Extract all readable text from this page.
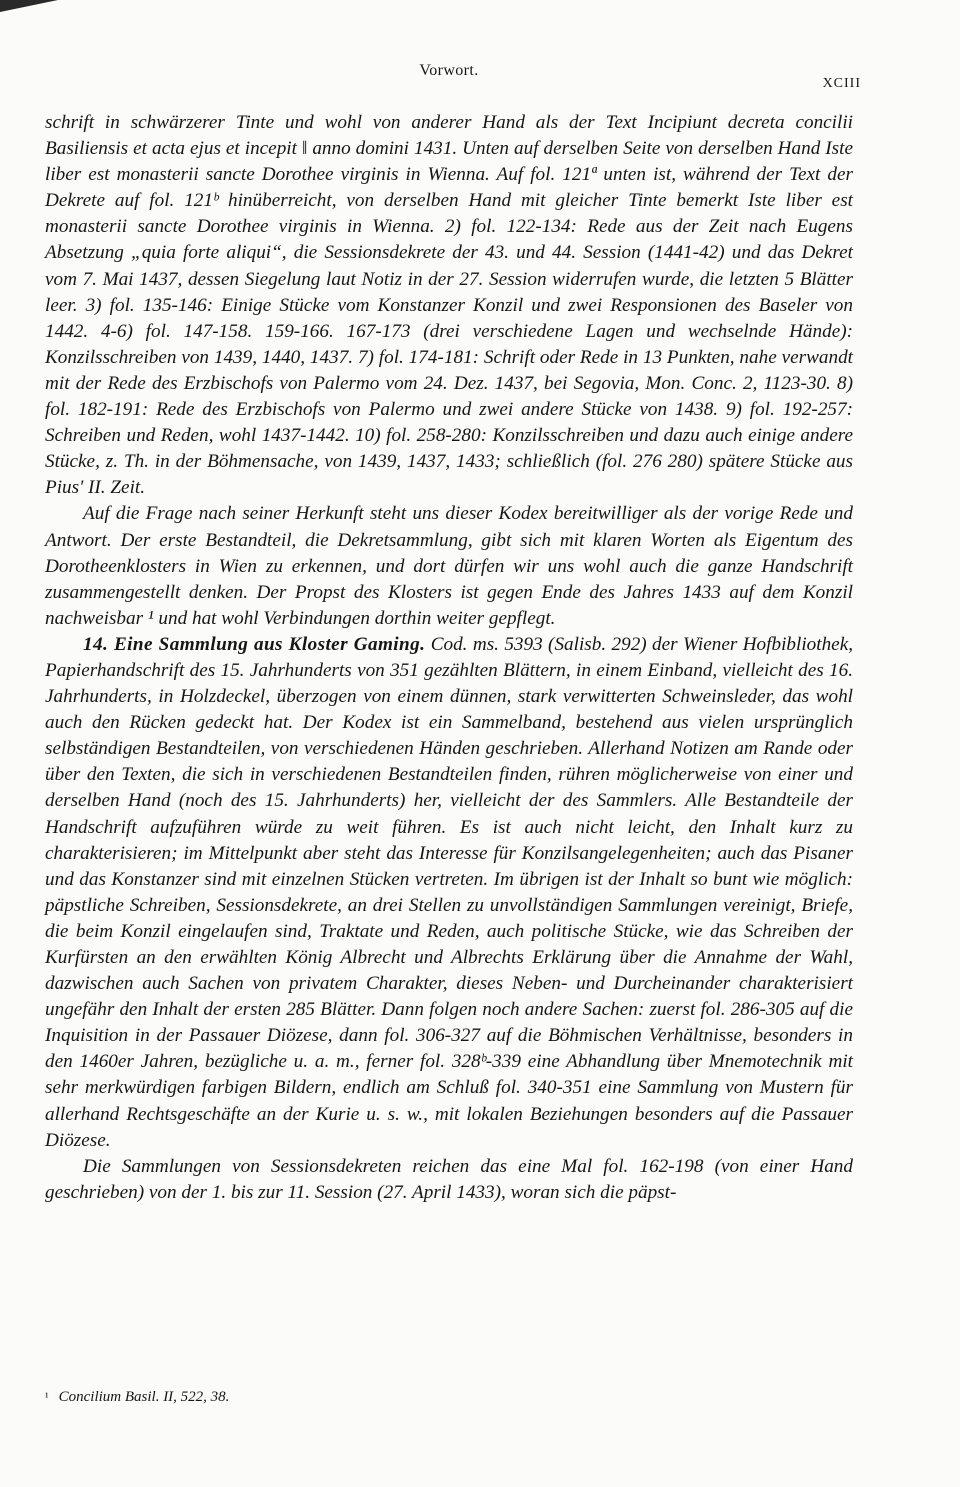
Vorwort.
XCIII

schrift in schwärzerer Tinte und wohl von anderer Hand als der Text Incipiunt decreta concilii Basiliensis et acta ejus et incepit ‖ anno domini 1431. Unten auf derselben Seite von derselben Hand Iste liber est monasterii sancte Dorothee virginis in Wienna. Auf fol. 121ª unten ist, während der Text der Dekrete auf fol. 121ᵇ hinüberreicht, von derselben Hand mit gleicher Tinte bemerkt Iste liber est monasterii sancte Dorothee virginis in Wienna. 2) fol. 122-134: Rede aus der Zeit nach Eugens Absetzung „quia forte aliqui“, die Sessionsdekrete der 43. und 44. Session (1441-42) und das Dekret vom 7. Mai 1437, dessen Siegelung laut Notiz in der 27. Session widerrufen wurde, die letzten 5 Blätter leer. 3) fol. 135-146: Einige Stücke vom Konstanzer Konzil und zwei Responsionen des Baseler von 1442. 4-6) fol. 147-158. 159-166. 167-173 (drei verschiedene Lagen und wechselnde Hände): Konzilsschreiben von 1439, 1440, 1437. 7) fol. 174-181: Schrift oder Rede in 13 Punkten, nahe verwandt mit der Rede des Erzbischofs von Palermo vom 24. Dez. 1437, bei Segovia, Mon. Conc. 2, 1123-30. 8) fol. 182-191: Rede des Erzbischofs von Palermo und zwei andere Stücke von 1438. 9) fol. 192-257: Schreiben und Reden, wohl 1437-1442. 10) fol. 258-280: Konzilsschreiben und dazu auch einige andere Stücke, z. Th. in der Böhmensache, von 1439, 1437, 1433; schließlich (fol. 276 280) spätere Stücke aus Pius' II. Zeit.

Auf die Frage nach seiner Herkunft steht uns dieser Kodex bereitwilliger als der vorige Rede und Antwort. Der erste Bestandteil, die Dekretsammlung, gibt sich mit klaren Worten als Eigentum des Dorotheenklosters in Wien zu erkennen, und dort dürfen wir uns wohl auch die ganze Handschrift zusammengestellt denken. Der Propst des Klosters ist gegen Ende des Jahres 1433 auf dem Konzil nachweisbar ¹ und hat wohl Verbindungen dorthin weiter gepflegt.

14. Eine Sammlung aus Kloster Gaming. Cod. ms. 5393 (Salisb. 292) der Wiener Hofbibliothek, Papierhandschrift des 15. Jahrhunderts von 351 gezählten Blättern, in einem Einband, vielleicht des 16. Jahrhunderts, in Holzdeckel, überzogen von einem dünnen, stark verwitterten Schweinsleder, das wohl auch den Rücken gedeckt hat. Der Kodex ist ein Sammelband, bestehend aus vielen ursprünglich selbständigen Bestandteilen, von verschiedenen Händen geschrieben. Allerhand Notizen am Rande oder über den Texten, die sich in verschiedenen Bestandteilen finden, rühren möglicherweise von einer und derselben Hand (noch des 15. Jahrhunderts) her, vielleicht der des Sammlers. Alle Bestandteile der Handschrift aufzuführen würde zu weit führen. Es ist auch nicht leicht, den Inhalt kurz zu charakterisieren; im Mittelpunkt aber steht das Interesse für Konzilsangelegenheiten; auch das Pisaner und das Konstanzer sind mit einzelnen Stücken vertreten. Im übrigen ist der Inhalt so bunt wie möglich: päpstliche Schreiben, Sessionsdekrete, an drei Stellen zu unvollständigen Sammlungen vereinigt, Briefe, die beim Konzil eingelaufen sind, Traktate und Reden, auch politische Stücke, wie das Schreiben der Kurfürsten an den erwählten König Albrecht und Albrechts Erklärung über die Annahme der Wahl, dazwischen auch Sachen von privatem Charakter, dieses Neben- und Durcheinander charakterisiert ungefähr den Inhalt der ersten 285 Blätter. Dann folgen noch andere Sachen: zuerst fol. 286-305 auf die Inquisition in der Passauer Diözese, dann fol. 306-327 auf die Böhmischen Verhältnisse, besonders in den 1460er Jahren, bezügliche u. a. m., ferner fol. 328ᵇ-339 eine Abhandlung über Mnemotechnik mit sehr merkwürdigen farbigen Bildern, endlich am Schluß fol. 340-351 eine Sammlung von Mustern für allerhand Rechtsgeschäfte an der Kurie u. s. w., mit lokalen Beziehungen besonders auf die Passauer Diözese.

Die Sammlungen von Sessionsdekreten reichen das eine Mal fol. 162-198 (von einer Hand geschrieben) von der 1. bis zur 11. Session (27. April 1433), woran sich die päpst-

¹ Concilium Basil. II, 522, 38.
